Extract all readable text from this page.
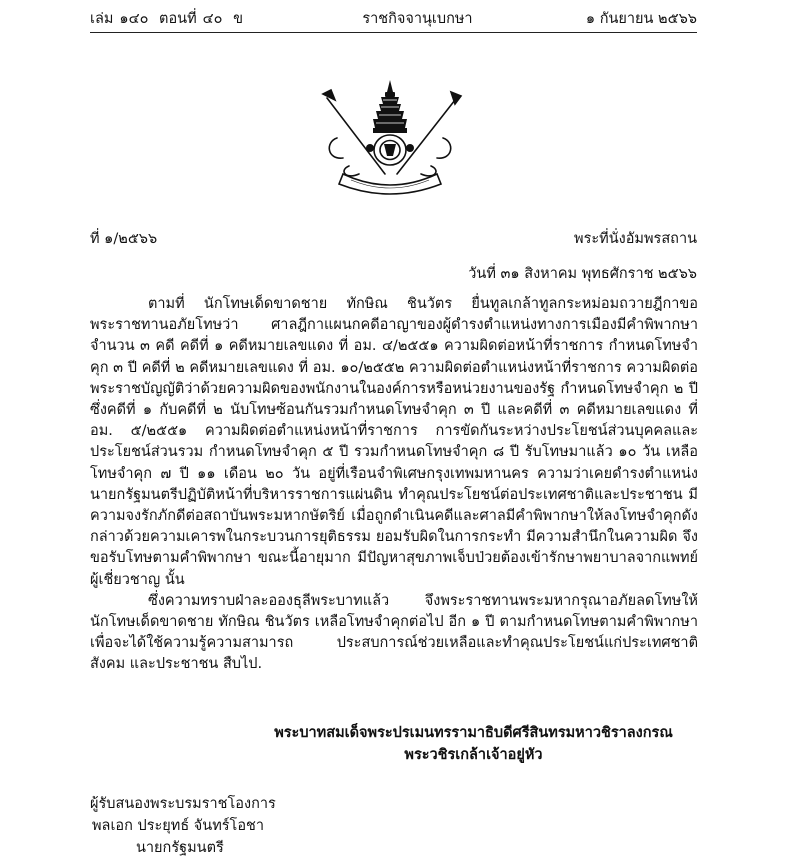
เล่ม ๑๔๐ ตอนที่ ๔๐ ข	ราชกิจจานุเบกษา	๑ กันยายน ๒๕๖๖
ที่ ๑/๒๕๖๖	พระที่นั่งอัมพรสถาน
วันที่ ๓๑ สิงหาคม พุทธศักราช ๒๕๖๖

ตามที่ นักโทษเด็ดขาดชาย ทักษิณ ชินวัตร ยื่นทูลเกล้าทูลกระหม่อมถวายฎีกาขอพระราชทานอภัยโทษว่า ศาลฎีกาแผนกคดีอาญาของผู้ดำรงตำแหน่งทางการเมืองมีคำพิพากษา จำนวน ๓ คดี คดีที่ ๑ คดีหมายเลขแดง ที่ อม. ๔/๒๕๕๑ ความผิดต่อหน้าที่ราชการ กำหนดโทษจำคุก ๓ ปี คดีที่ ๒ คดีหมายเลขแดง ที่ อม. ๑๐/๒๕๕๒ ความผิดต่อตำแหน่งหน้าที่ราชการ ความผิดต่อพระราชบัญญัติว่าด้วยความผิดของพนักงานในองค์การหรือหน่วยงานของรัฐ กำหนดโทษจำคุก ๒ ปี ซึ่งคดีที่ ๑ กับคดีที่ ๒ นับโทษซ้อนกันรวมกำหนดโทษจำคุก ๓ ปี และคดีที่ ๓ คดีหมายเลขแดง ที่ อม. ๕/๒๕๕๑ ความผิดต่อตำแหน่งหน้าที่ราชการ การขัดกันระหว่างประโยชน์ส่วนบุคคลและประโยชน์ส่วนรวม กำหนดโทษจำคุก ๕ ปี รวมกำหนดโทษจำคุก ๘ ปี รับโทษมาแล้ว ๑๐ วัน เหลือโทษจำคุก ๗ ปี ๑๑ เดือน ๒๐ วัน อยู่ที่เรือนจำพิเศษกรุงเทพมหานคร ความว่าเคยดำรงตำแหน่งนายกรัฐมนตรีปฏิบัติหน้าที่บริหารราชการแผ่นดิน ทำคุณประโยชน์ต่อประเทศชาติและประชาชน มีความจงรักภักดีต่อสถาบันพระมหากษัตริย์ เมื่อถูกดำเนินคดีและศาลมีคำพิพากษาให้ลงโทษจำคุกดังกล่าวด้วยความเคารพในกระบวนการยุติธรรม ยอมรับผิดในการกระทำ มีความสำนึกในความผิด จึงขอรับโทษตามคำพิพากษา ขณะนี้อายุมาก มีปัญหาสุขภาพเจ็บป่วยต้องเข้ารักษาพยาบาลจากแพทย์ผู้เชี่ยวชาญ นั้น

ซึ่งความทราบฝ่าละอองธุลีพระบาทแล้ว จึงพระราชทานพระมหากรุณาอภัยลดโทษให้ นักโทษเด็ดขาดชาย ทักษิณ ชินวัตร เหลือโทษจำคุกต่อไป อีก ๑ ปี ตามกำหนดโทษตามคำพิพากษา เพื่อจะได้ใช้ความรู้ความสามารถ ประสบการณ์ช่วยเหลือและทำคุณประโยชน์แก่ประเทศชาติ สังคม และประชาชน สืบไป.

พระบาทสมเด็จพระปรเมนทรรามาธิบดีศรีสินทรมหาวชิราลงกรณ
พระวชิรเกล้าเจ้าอยู่หัว
ผู้รับสนองพระบรมราชโองการ
พลเอก ประยุทธ์ จันทร์โอชา
นายกรัฐมนตรี
